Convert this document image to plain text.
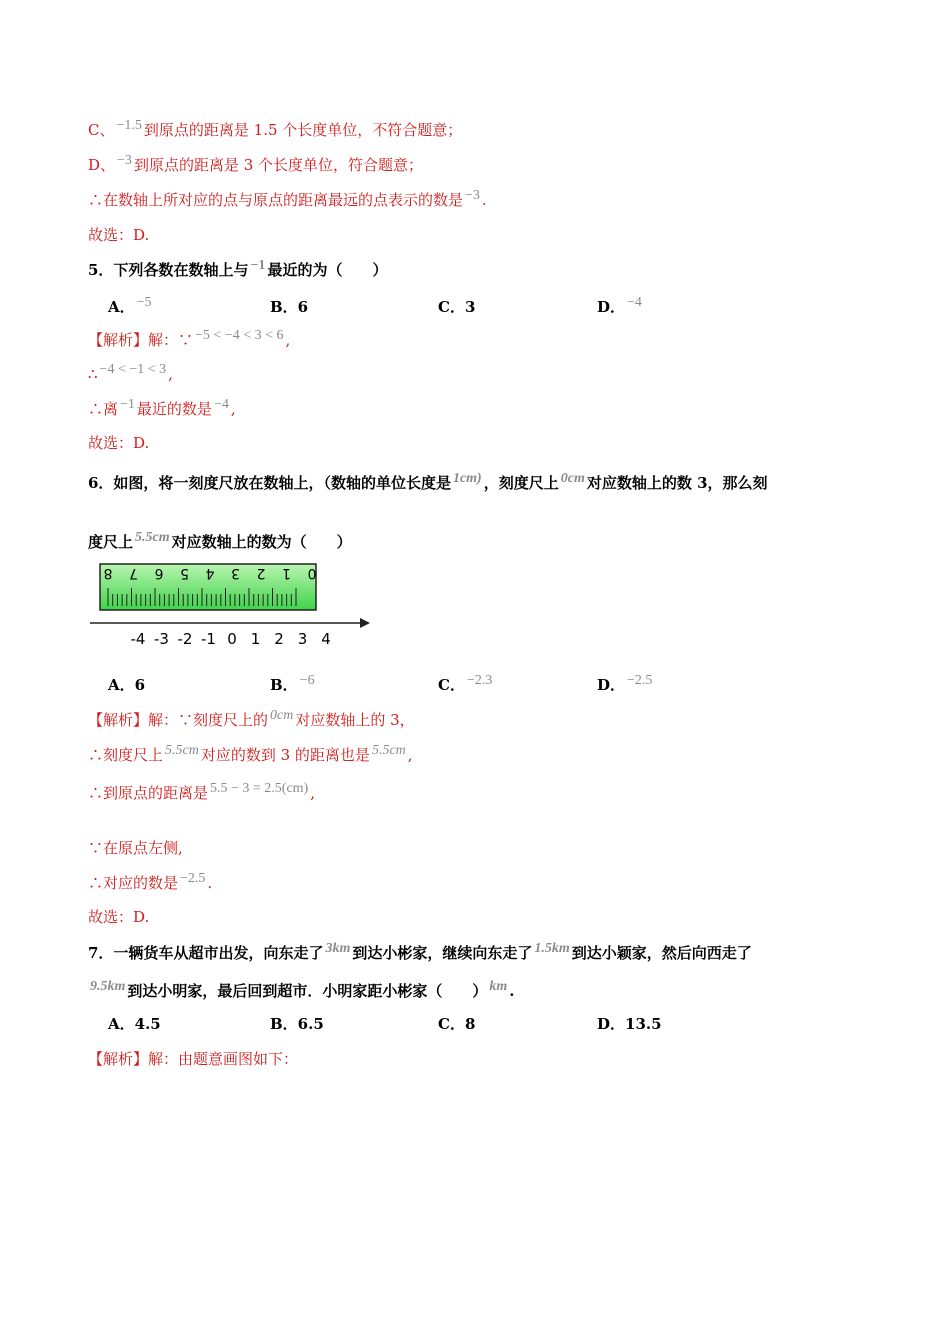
C、 −1.5 到原点的距离是 1.5 个长度单位，不符合题意；
D、 −3 到原点的距离是 3 个长度单位，符合题意；
∴在数轴上所对应的点与原点的距离最远的点表示的数是 −3 .
故选：D.
5．下列各数在数轴上与 −1 最近的为（　　）
A． −5	B．6	C．3	D． −4
【解析】解：∵ −5 < −4 < 3 < 6 ,
∴ −4 < −1 < 3 ,
∴离 −1 最近的数是 −4 ,
故选：D.
6．如图，将一刻度尺放在数轴上，（数轴的单位长度是 1cm) ，刻度尺上 0cm 对应数轴上的数 3，那么刻
度尺上 5.5cm 对应数轴上的数为（　　）
8 7 6 5 4 3 2 1 0
-4 -3 -2 -1 0 1 2 3 4
A．6	B． −6	C． −2.3	D． −2.5
【解析】解：∵刻度尺上的 0cm 对应数轴上的 3，
∴刻度尺上 5.5cm 对应的数到 3 的距离也是 5.5cm ,
∴到原点的距离是 5.5 − 3 = 2.5(cm) ,
∵在原点左侧,
∴对应的数是 −2.5 .
故选：D.
7．一辆货车从超市出发，向东走了 3km 到达小彬家，继续向东走了 1.5km 到达小颖家，然后向西走了
9.5km 到达小明家，最后回到超市．小明家距小彬家（　　） km .
A．4.5	B．6.5	C．8	D．13.5
【解析】解：由题意画图如下：
